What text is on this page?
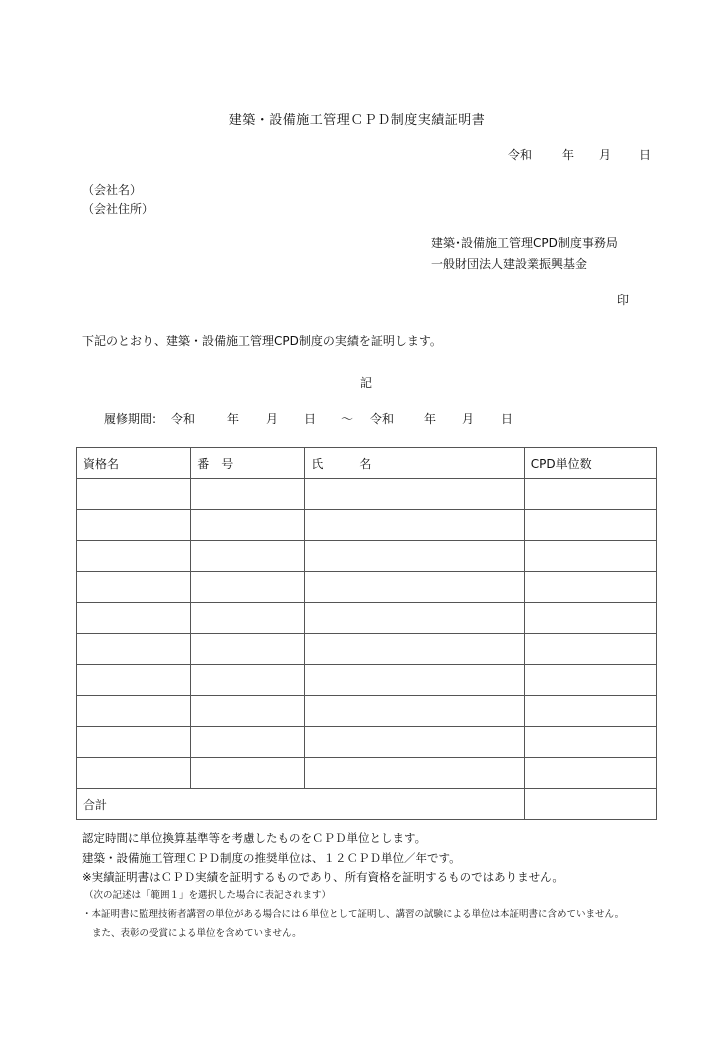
建築・設備施工管理ＣＰＤ制度実績証明書
令和 年 月 日
（会社名）
（会社住所）
建築･設備施工管理CPD制度事務局
一般財団法人建設業振興基金
印
下記のとおり、建築・設備施工管理CPD制度の実績を証明します。
記
履修期間: 令和	年 月 日 ～ 令和 年 月 日
資格名	番　号	氏　　　名	CPD単位数

合計			
認定時間に単位換算基準等を考慮したものをＣＰＤ単位とします。
建築・設備施工管理ＣＰＤ制度の推奨単位は、１２ＣＰＤ単位／年です。
※実績証明書はＣＰＤ実績を証明するものであり、所有資格を証明するものではありません。
（次の記述は「範囲１」を選択した場合に表記されます）
・本証明書に監理技術者講習の単位がある場合には６単位として証明し、講習の試験による単位は本証明書に含めていません。
また、表彰の受賞による単位を含めていません。
